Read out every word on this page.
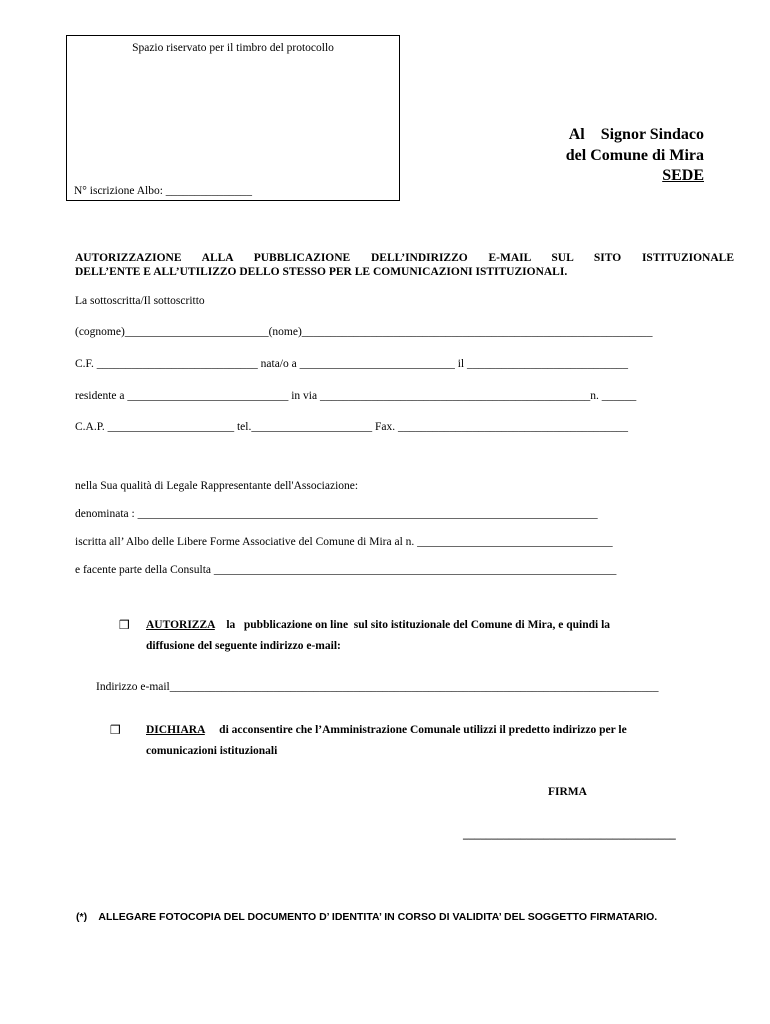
Spazio riservato per il timbro del protocollo
N° iscrizione Albo: _______________
Al    Signor Sindaco
del Comune di Mira
SEDE
AUTORIZZAZIONE ALLA PUBBLICAZIONE DELL’INDIRIZZO E-MAIL SUL SITO ISTITUZIONALE
DELL’ENTE E ALL’UTILIZZO DELLO STESSO PER LE COMUNICAZIONI ISTITUZIONALI.
La sottoscritta/Il sottoscritto
(cognome)_________________________(nome)_____________________________________________________________
C.F. ____________________________ nata/o a ___________________________ il ____________________________
residente a ____________________________ in via _______________________________________________n. ______
C.A.P. ______________________ tel._____________________ Fax. ________________________________________
nella Sua qualità di Legale Rappresentante dell'Associazione:
denominata : ________________________________________________________________________________
iscritta all’ Albo delle Libere Forme Associative del Comune di Mira al n. __________________________________
e facente parte della Consulta ______________________________________________________________________
❒ AUTORIZZA la   pubblicazione on line  sul sito istituzionale del Comune di Mira, e quindi la
diffusione del seguente indirizzo e-mail:
Indirizzo e-mail_____________________________________________________________________________________
❒ DICHIARA di acconsentire che l’Amministrazione Comunale utilizzi il predetto indirizzo per le
comunicazioni istituzionali
FIRMA
_____________________________________
(*)    ALLEGARE FOTOCOPIA DEL DOCUMENTO D’ IDENTITA’ IN CORSO DI VALIDITA’ DEL SOGGETTO FIRMATARIO.
